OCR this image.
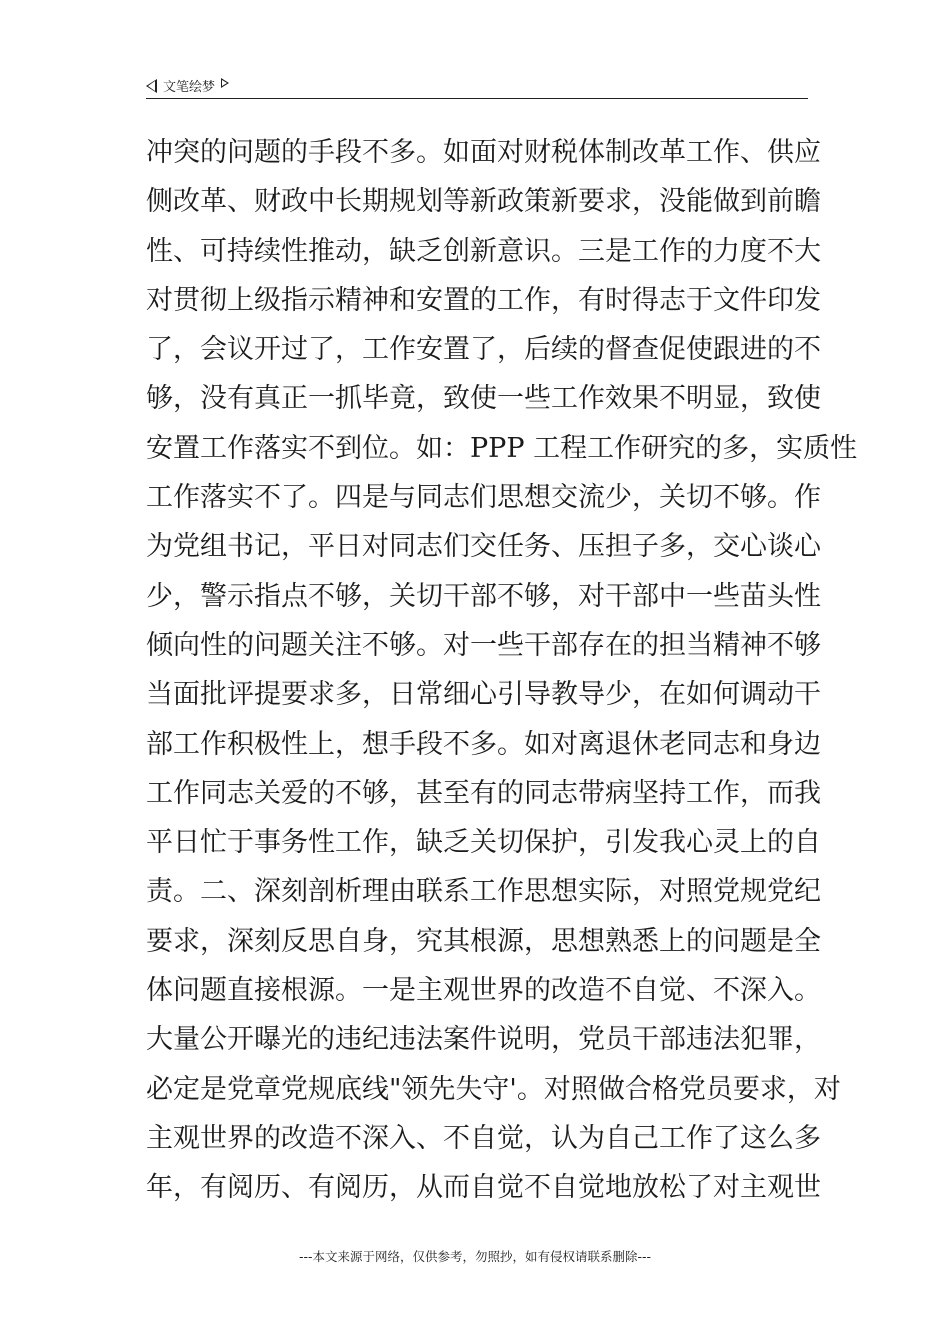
文笔绘梦
冲突的问题的手段不多。如面对财税体制改革工作、供应
侧改革、财政中长期规划等新政策新要求，没能做到前瞻
性、可持续性推动，缺乏创新意识。三是工作的力度不大
对贯彻上级指示精神和安置的工作，有时得志于文件印发
了，会议开过了，工作安置了，后续的督查促使跟进的不
够，没有真正一抓毕竟，致使一些工作效果不明显，致使
安置工作落实不到位。如：PPP 工程工作研究的多，实质性
工作落实不了。四是与同志们思想交流少，关切不够。作
为党组书记，平日对同志们交任务、压担子多，交心谈心
少，警示指点不够，关切干部不够，对干部中一些苗头性
倾向性的问题关注不够。对一些干部存在的担当精神不够
当面批评提要求多，日常细心引导教导少，在如何调动干
部工作积极性上，想手段不多。如对离退休老同志和身边
工作同志关爱的不够，甚至有的同志带病坚持工作，而我
平日忙于事务性工作，缺乏关切保护，引发我心灵上的自
责。二、深刻剖析理由联系工作思想实际，对照党规党纪
要求，深刻反思自身，究其根源，思想熟悉上的问题是全
体问题直接根源。一是主观世界的改造不自觉、不深入。
大量公开曝光的违纪违法案件说明，党员干部违法犯罪，
必定是党章党规底线"领先失守'。对照做合格党员要求，对
主观世界的改造不深入、不自觉，认为自己工作了这么多
年，有阅历、有阅历，从而自觉不自觉地放松了对主观世
---本文来源于网络，仅供参考，勿照抄，如有侵权请联系删除---
